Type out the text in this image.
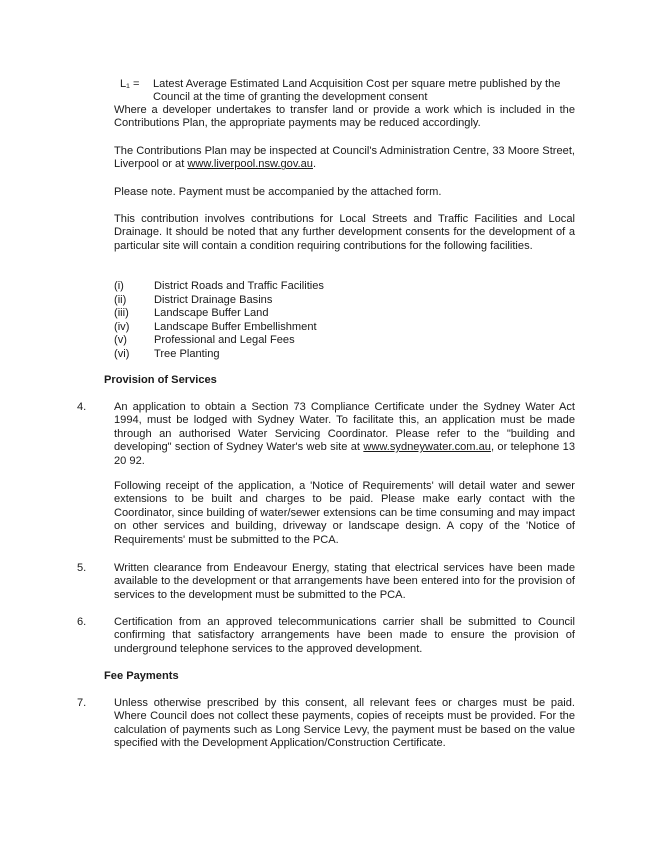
L₁ = Latest Average Estimated Land Acquisition Cost per square metre published by the Council at the time of granting the development consent
Where a developer undertakes to transfer land or provide a work which is included in the Contributions Plan, the appropriate payments may be reduced accordingly.
The Contributions Plan may be inspected at Council's Administration Centre, 33 Moore Street, Liverpool or at www.liverpool.nsw.gov.au.
Please note. Payment must be accompanied by the attached form.
This contribution involves contributions for Local Streets and Traffic Facilities and Local Drainage. It should be noted that any further development consents for the development of a particular site will contain a condition requiring contributions for the following facilities.
(i)	District Roads and Traffic Facilities
(ii) District Drainage Basins
(iii) Landscape Buffer Land
(iv) Landscape Buffer Embellishment
(v) Professional and Legal Fees
(vi) Tree Planting
Provision of Services
4. An application to obtain a Section 73 Compliance Certificate under the Sydney Water Act 1994, must be lodged with Sydney Water. To facilitate this, an application must be made through an authorised Water Servicing Coordinator. Please refer to the "building and developing" section of Sydney Water's web site at www.sydneywater.com.au, or telephone 13 20 92.
Following receipt of the application, a 'Notice of Requirements' will detail water and sewer extensions to be built and charges to be paid. Please make early contact with the Coordinator, since building of water/sewer extensions can be time consuming and may impact on other services and building, driveway or landscape design. A copy of the 'Notice of Requirements' must be submitted to the PCA.
5. Written clearance from Endeavour Energy, stating that electrical services have been made available to the development or that arrangements have been entered into for the provision of services to the development must be submitted to the PCA.
6. Certification from an approved telecommunications carrier shall be submitted to Council confirming that satisfactory arrangements have been made to ensure the provision of underground telephone services to the approved development.
Fee Payments
7. Unless otherwise prescribed by this consent, all relevant fees or charges must be paid. Where Council does not collect these payments, copies of receipts must be provided. For the calculation of payments such as Long Service Levy, the payment must be based on the value specified with the Development Application/Construction Certificate.
